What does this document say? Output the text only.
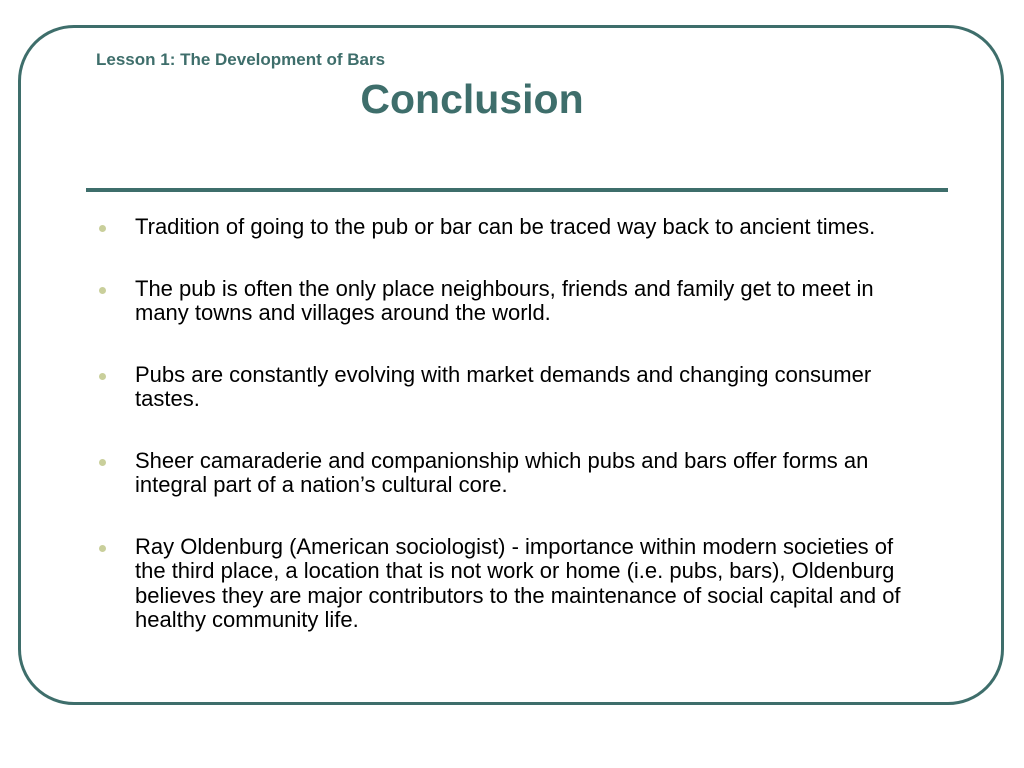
Lesson 1: The Development of Bars
Conclusion
Tradition of going to the pub or bar can be traced way back to ancient times.
The pub is often the only place neighbours, friends and family get to meet in many towns and villages around the world.
Pubs are constantly evolving with market demands and changing consumer tastes.
Sheer camaraderie and companionship which pubs and bars offer forms an integral part of a nation’s cultural core.
Ray Oldenburg (American sociologist) - importance within modern societies of the third place, a location that is not work or home (i.e. pubs, bars), Oldenburg believes they are major contributors to the maintenance of social capital and of healthy community life.
